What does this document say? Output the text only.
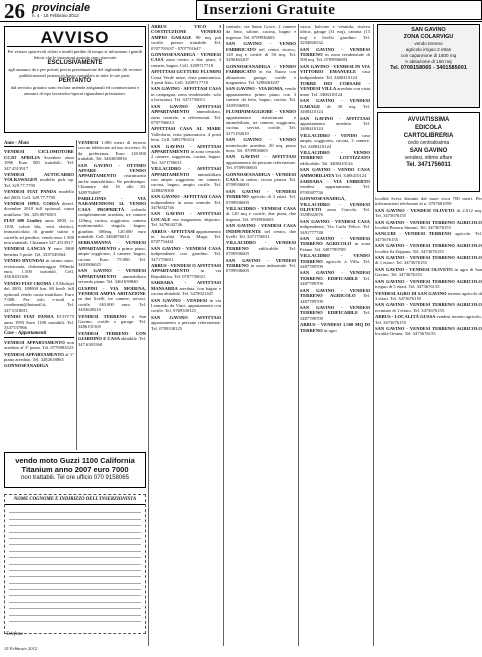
26 provinciale
n. 4 - 15 Febbraio 2012	Inserzioni Gratuite
AVVISO
Per evitare spiacevoli rifiuti e inutili perdite di tempo si informano i gentili lettori che le inserzioni gratuite sono riservate
ESCLUSIVAMENTE
agli annunci da e per privati previa presentazione del tagliando (di recente pubblicazione) portato in basso compilato in tutte le sue parti.
PERTANTO
dal servizio gratuito sono escluse aziende artigianali ed commercianti e annunci di tipo lavorativo/operai riguardanti prestazioni.
Auto - Moto

VENDESI CICLOMOTORE CCJO APRILIA Scarabeo anno 1996 Euro 500 trattabili. Tel. 347.4513917

VENDESI AUTOCARRO VOLKSWAGEN modello pick up. Tel. 329.77.7795

VENDESI FIAT PANDA modello del 2003. Cell. 329.77.7795

VENDESI OPEL CORSA diesel, dicembre 2010 full optional, causa inutilizzo. Tel. 329.0076503

FIAT 600 Liudiry anno 2000, cc 1100, colore blu, vetri elettrici, immatricolata di grande traino e carrello ad pendice, vendo euro 1.500 non trattabili. Chiamare 347.4513917

VENDESI LANCIA Y euro 1800 benzina 3 porte. Tel. 3337549564

VENDO HYUNDAI in ottimo stato, revisionata, chilometraggio 190mila euro, 1.500 trattabili. Cell. 338.8431306

VENDO FIAT CROMA 1.9 Multijet del 2003, 180000 km, 80 km/h full optional vendo causa inutilizzo. Euro 7.000. Per info e-mail a condiment@hotmail.it, Tel. 347.5318811

VENDO FIAT PANDA ECOV75 anno 1993 Euro 1100 trattabili. Tel. 3337537866

Case - Appartamenti

VENDESI APPARTAMENTO non arredato al 3° piano. Tel. 0776983523

VENDESI APPARTAMENTO al 1° piano arredato. Tel. 3282618863

GONNOSFANADIGA

VENDESI 1.000 metri di terreno con un fabbricato ad uso ricovero. Si da preferenza. Euro 120.000 trattabili. Tel. 3463658816

SAN GAVINO - OTTIMO AFFARE VENDO APPARTAMENTO ristrutturato anche ammobiliato. No perditempo. Chiamare dal 16 alle 20. 3485704687

PABILLONIS - VIA NARAMENDONI 14. VENDO CASA PROPRIETÀ volendo completamente arredata, tre camere 120mq, cucina, soggiorno, camera matrimoniale, singola, bagno, giardino 300mq. 120.000 euro trattabili. Cell. 3484076014

SERRAMANNA - VENDESI APPARTAMENTO a primo piano, ampio soggiorno, 2 camere, bagno, cucina. Euro 75.000. Tel. 3403906025

SAN GAVINO - VENDESI APPARTAMENTO ammobiliato secondo piano. Tel. 3461659840

GUSPINI - VIA MODENA, VENDESI AMPIA ABITAZIONE su due livelli, tre camere, servizi, cortile. 140.000 euro. Tel. 3403649210

VENDESI TERRENO a San Gavino, cortile e garage. Tel. 3486191305

VENDESI TERRENO CON GIARDINO E CASA abitabile. Tel. 347.6301560

vendo moto Guzzi 1100 California
Titanium anno 2007 euro 7000
non trattabili. Tel ore ufficio 070 9158065
NOME COGNOME E INDIRIZZO DELL'INSERZIONISTA
Telefono

ARBUS - VICO I COSTITUZIONE VENDESI AMPIO GARAGE 90 mq più cortile, prezzo trattabile. Tel. 0707701637 - 0707701647

GONNOSFANADIGA - VENDESI CASA zona centro a due piani, 3 camere, bagno. Cell. 3209717718

AFFITTASI GUTTURU FLUMINI Costa Verde mare, vista panoramica, 3 posti letto. Cell. 3209717718

SAN GAVINO - AFFITTASI CASA in campagna, zona residenziale, solo a lavoratori. Tel. 3471756011

SAN GAVINO AFFITTASI APPARTAMENTO ammobiliato, zona centrale, a referenziati. Tel. 0707766013

AFFITTASI CASA AL MARE Valledoria, vista panoramica, 4 posti letto. Cell. 3483790214

SAN GAVINO - AFFITTASI APPARTAMENTO in zona centrale, 2 camere, soggiorno, cucina, bagno. Tel. 3471756011

VILLACIDRO - AFFITTASI APPARTAMENTO ammobiliato con ampio soggiorno, tre camere, cucina, bagno, ampio cortile. Tel. 3288459300

SAN GAVINO - AFFITTASI CASA indipendente in zona centrale. Tel. 3476042746

SAN GAVINO - AFFITTASI LOCALE uso magazzino, deposito. Tel. 3476042746

ARBUS - AFFITTASI appartamento in località Portu Maga. Tel. 0707754441

SAN GAVINO - VENDESI CASA indipendente con giardino. Tel. 3471756011

ARBUS - VENDESI O AFFITTASI APPARTAMENTO in via Repubblica. Tel. 0707750021

SARDARA - AFFITTASI MANSARDA arredata, con bagno e cucina abitabile. Tel. 3478021447

SAN GAVINO - VENDESI in via Leonardo da Vinci, appartamento con cortile. Tel. 0709338125

SAN GAVINO AFFITTASI appartamento a persone referenziate. Tel. 0709338125

centrale, via Santa Croce, 2 camere da letto, salone, cucina, bagno e ingresso. Tel. 0709936603

SAN GAVINO - VENDO FABBRICATO nel centro storico, 120 mq e cortile di 50 mq. Tel. 3290463207

GONNOSFANADIGA - VENDO FABBRICATO in via Nuoro con abitazione, garage, cortile e magazzino. Tel. 3290463207

SAN GAVINO - VIA ROMA, vendo appartamento primo piano con 3 camere da letto, bagno, cucina. Tel. 3405936893

FLUMINIMAGGIORE - VENDO appartamento ristrutturato e ammobiliato, tre camere, soggiorno, cucina, servizi, cortile. Tel. 3271192610

SAN GAVINO - VENDO monolocale arredato, 30 mq, piano terra. Tel. 0709936603

SAN GAVINO - AFFITTASI appartamento da persone referenziate. Tel. 0709936603

GONNOSFANADIGA - VENDESI CASA in centro, vicino piazza. Tel. 0709936603

SAN GAVINO - VENDESI TERRENO agricolo di 3 ettari. Tel. 0709936603

VILLACIDRO - VENDESI CASA di 120 mq e cortile, due piani, due ingressi. Tel. 0709936603

SAN GAVINO - VENDESI CASA INDIPENDENTE nel centro, due livelli. Tel. 3471756011

VILLACIDRO - VENDESI TERRENO edificabile. Tel. 0709936603

SAN GAVINO - VENDESI TERRENO in zona industriale. Tel. 0709936603

vasca, balcone e veranda, riserva idrica, garage (31 mq), cantina (13 mq) e livello giardino. Tel. 3294826532

SAN GAVINO - VENDESI TERRENO in zona residenziale di 500 mq. Tel. 0709936603

SAN GAVINO - VENDESI IN VIA VITTORIO EMANUELE casa indipendente. Tel. 3408410124

TORRE DEI CORSARI - VENDESI VILLA arredata con vista mare. Tel. 3408410124

SAN GAVINO - VENDESI GARAGE di 30 mq. Tel. 3408410124

SAN GAVINO - AFFITTASI appartamento arredato. Tel. 3408410124

VILLACIDRO - VENDO casa ampia, soggiorno, cucina, 3 camere. Tel. 3408410124

VILLACIDRO - VENDO TERRENO LOTTIZZATO edificabile. Tel. 3408410124

SAN GAVINO - VENDO CASA AMMOBILIATA Tel. 3408410124

SARDARA - VIA UMBERTO vendesi appartamento. Tel. 0709387736

GONNOSFANADIGA, VILLACIDRO - VENDESI OLIVETO zona Crucolo. Tel. 3358922676

SAN GAVINO - VENDESI CASA indipendente, Via Carlo Felice. Tel. 3491777748

SAN GAVINO - VENDESI TERRENO AGRICOLO in zona Faiane. Tel. 3487789709

VILLACIDRO - VENDO TERRENO agricolo a Villa. Tel. 3487789709

SAN GAVINO - VENDESI TERRENO EDIFICABILE Tel. 3487789709

SAN GAVINO - VENDESI TERRENO AGRICOLO Tel. 3487789709

SAN GAVINO - VENDESI TERRENO EDIFICABILE Tel. 3487789709

ARBUS - VENDESI 1.500 MQ DI TERRENO in agro

SAN GAVINO
ZONA COLARVIGU
vendo terreno
agricolo irriguo 2 ettari
con capannone di 1500 mq
e abitazione di 150 mq
Tel. 0709158065 - 3401585001
AVVIATISSIMA
EDICOLA
CARTOLIBRERIA
cedo centralissima
SAN GAVINO
vendesi, ottimo affare
Tel. 3471756011

località Sciva distante dal mare circa 700 metri. Per informazioni telefonare al n. 0707681059

SAN GAVINO - VENDESI OLIVETO di 2.612 mq. Tel. 3473676155

SAN GAVINO - VENDESI TERRENO AGRICOLO località Bruncu Simoni. Tel. 3473676155

SANLURI - VENDESI TERRENO agricolo. Tel. 3473676155

SAN GAVINO - VENDESI TERRENO AGRICOLO località Sa Zeppara. Tel. 3473676155

SAN GAVINO - VENDESI TERRENO AGRICOLO di 1 ettaro. Tel. 3473676155

SAN GAVINO - VENDESI OLIVETO in agro di San Gavino. Tel. 3473676155

SAN GAVINO - VENDESI TERRENO AGRICOLO irriguo di 5 ettari. Tel. 3473676155

VENDESI AGRO DI SAN GAVINO terreno agricolo di 3 ettari. Tel. 3473676155

SAN GAVINO - VENDESI TERRENO AGRICOLO recintato di 1 ettaro. Tel. 3473676155

ARBUS - LOCALITÀ GUSSA vendesi terreno agricolo. Tel. 3473676155

SAN GAVINO - VENDESI TERRENO AGRICOLO località Ortuna. Tel. 3473676155

15 Febbraio 2012
